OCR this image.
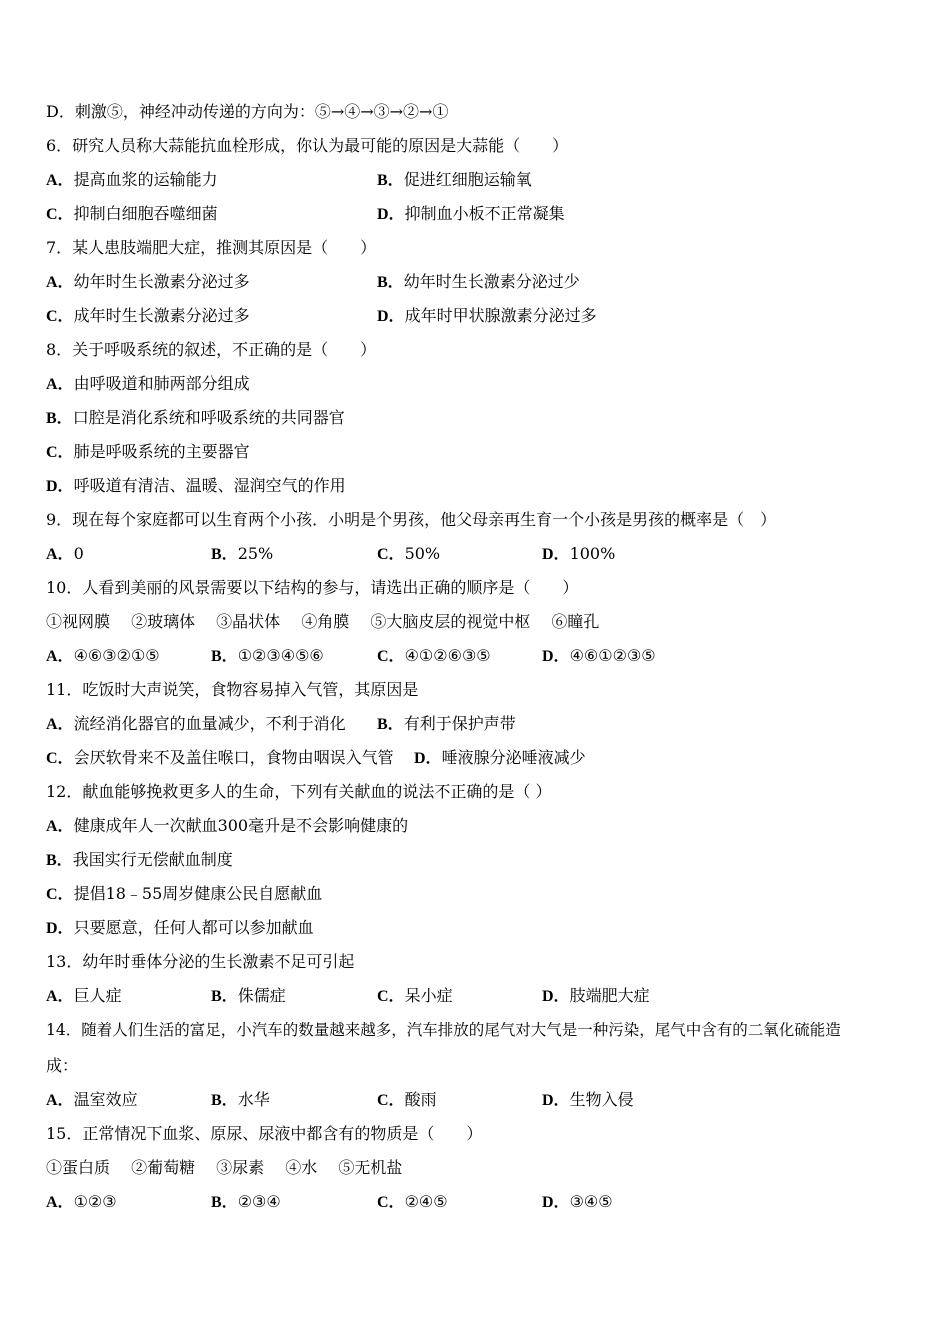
D．刺激⑤，神经冲动传递的方向为：⑤→④→③→②→①
6．研究人员称大蒜能抗血栓形成，你认为最可能的原因是大蒜能（　　）
A．提高血浆的运输能力	B．促进红细胞运输氧
C．抑制白细胞吞噬细菌	D．抑制血小板不正常凝集
7．某人患肢端肥大症，推测其原因是（　　）
A．幼年时生长激素分泌过多	B．幼年时生长激素分泌过少
C．成年时生长激素分泌过多	D．成年时甲状腺激素分泌过多
8．关于呼吸系统的叙述，不正确的是（　　）
A．由呼吸道和肺两部分组成
B．口腔是消化系统和呼吸系统的共同器官
C．肺是呼吸系统的主要器官
D．呼吸道有清洁、温暖、湿润空气的作用
9．现在每个家庭都可以生育两个小孩．小明是个男孩，他父母亲再生育一个小孩是男孩的概率是（　）
A．0	B．25%	C．50%	D．100%
10．人看到美丽的风景需要以下结构的参与，请选出正确的顺序是（　　）
①视网膜　 ②玻璃体　 ③晶状体　 ④角膜　 ⑤大脑皮层的视觉中枢　 ⑥瞳孔
A．④⑥③②①⑤	B．①②③④⑤⑥	C．④①②⑥③⑤	D．④⑥①②③⑤
11．吃饭时大声说笑，食物容易掉入气管，其原因是
A．流经消化器官的血量减少，不利于消化 B．有利于保护声带
C．会厌软骨来不及盖住喉口，食物由咽误入气管 D．唾液腺分泌唾液减少
12．献血能够挽救更多人的生命，下列有关献血的说法不正确的是（ ）
A．健康成年人一次献血300毫升是不会影响健康的
B．我国实行无偿献血制度
C．提倡18﹣55周岁健康公民自愿献血
D．只要愿意，任何人都可以参加献血
13．幼年时垂体分泌的生长激素不足可引起
A．巨人症	B．侏儒症	C．呆小症	D．肢端肥大症
14．随着人们生活的富足，小汽车的数量越来越多，汽车排放的尾气对大气是一种污染，尾气中含有的二氧化硫能造
成：
A．温室效应	B．水华	C．酸雨	D．生物入侵
15．正常情况下血浆、原尿、尿液中都含有的物质是（　　）
①蛋白质　 ②葡萄糖　 ③尿素　 ④水　 ⑤无机盐
A．①②③	B．②③④	C．②④⑤	D．③④⑤
